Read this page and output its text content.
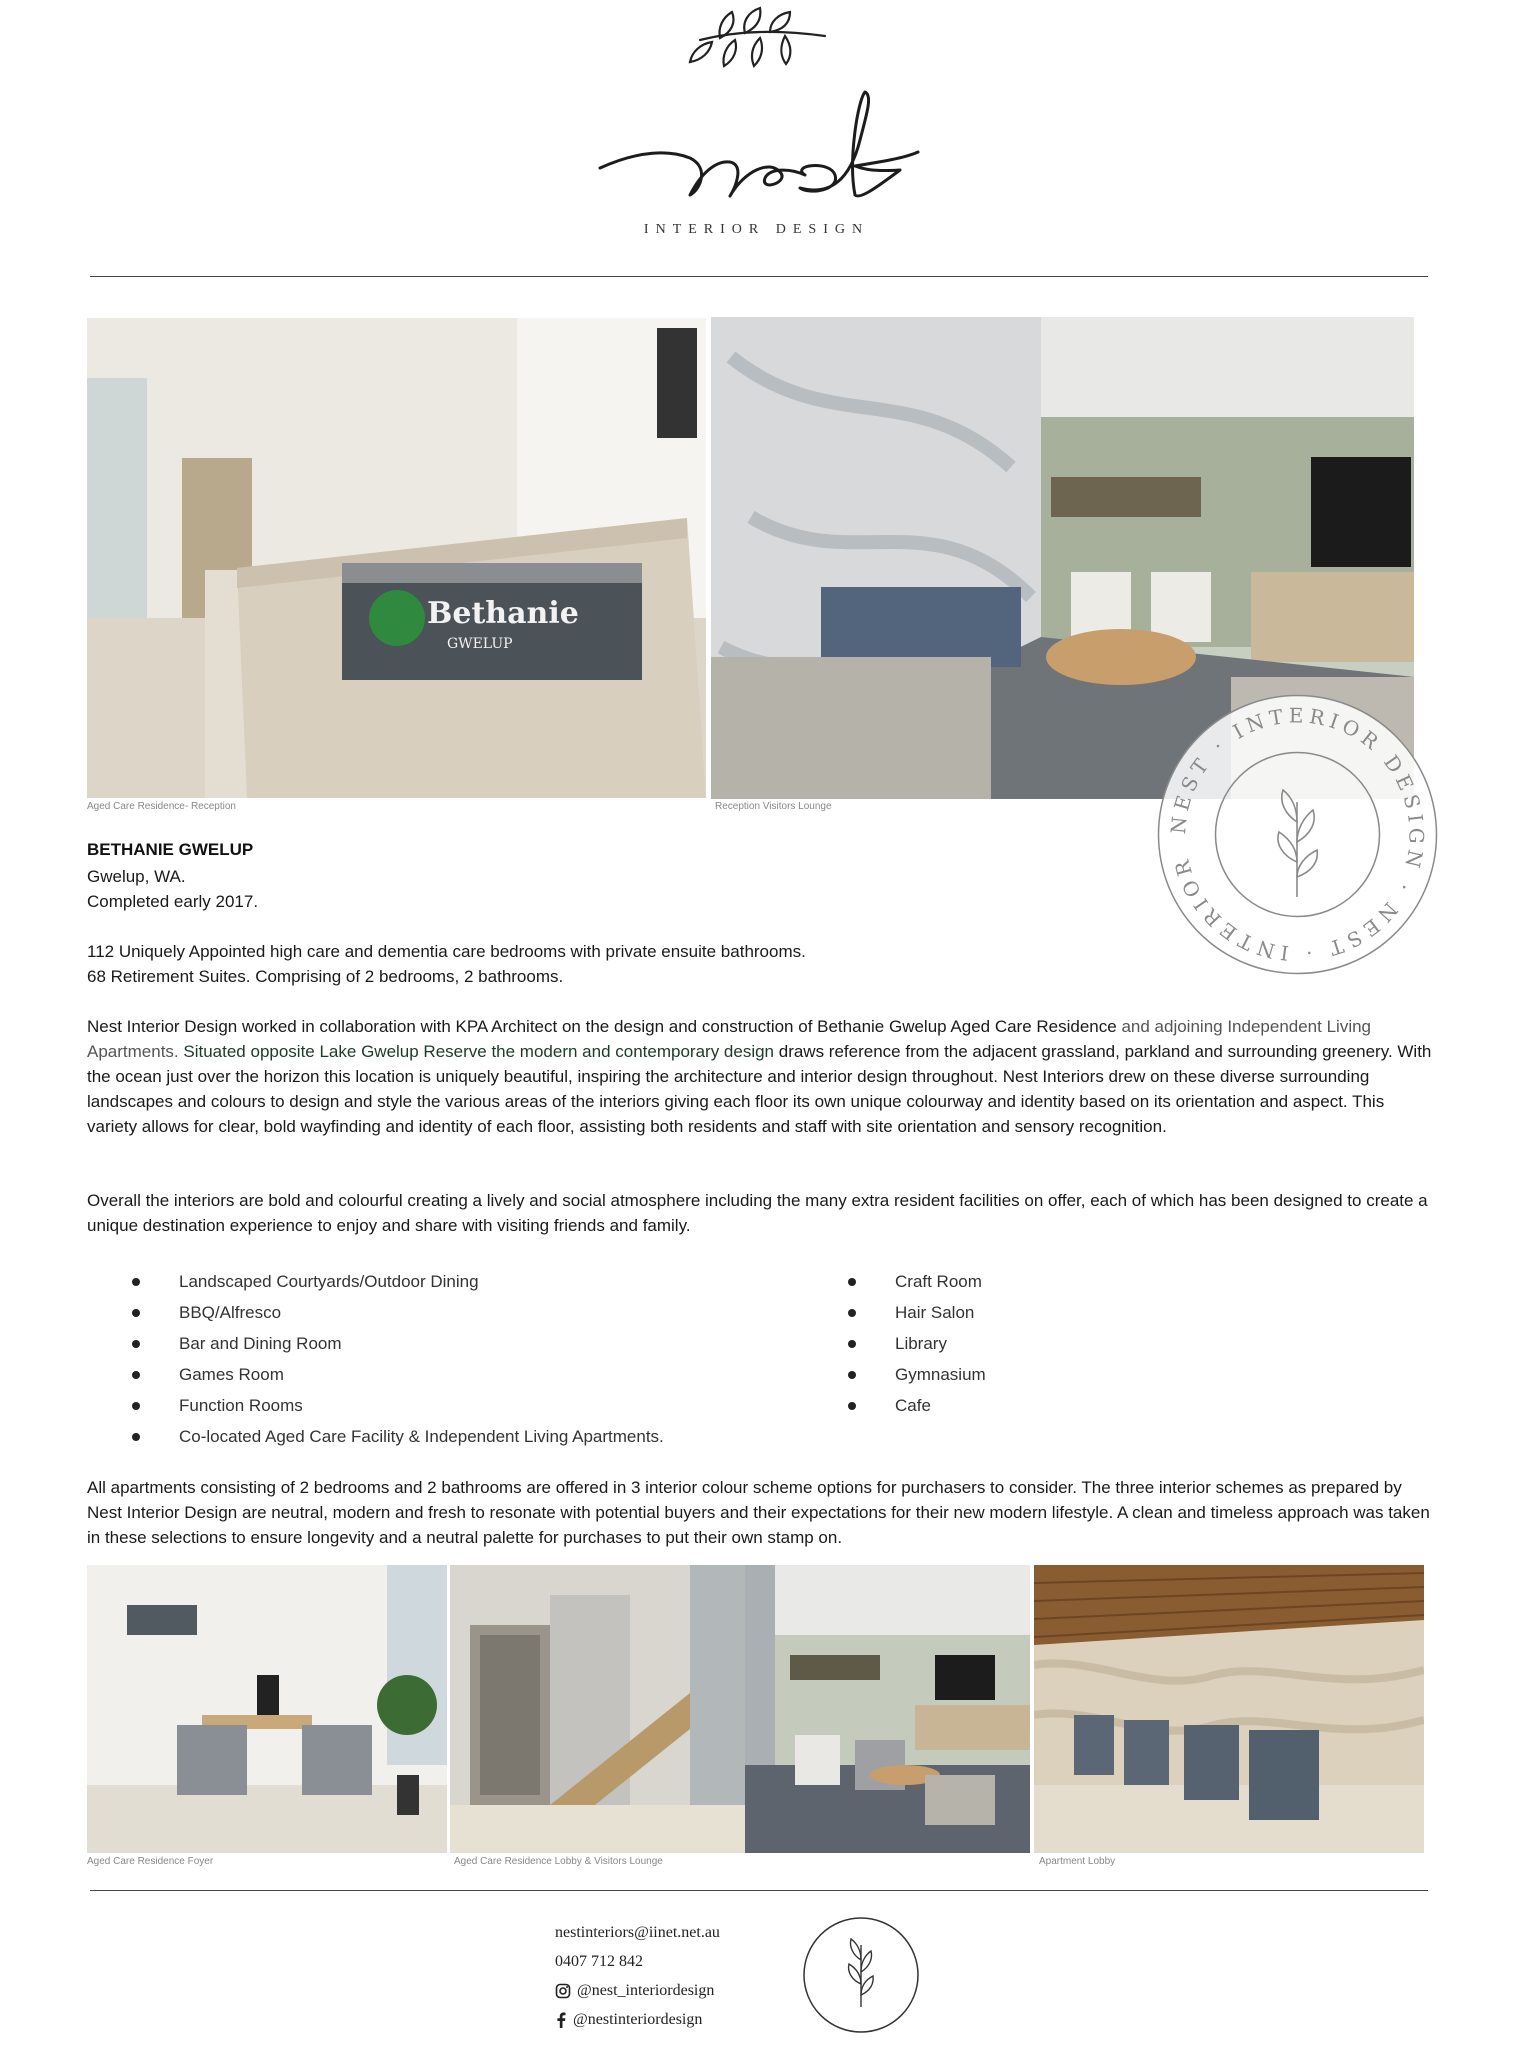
INTERIOR DESIGN
Bethanie
GWELUP
Aged Care Residence- Reception	Reception Visitors Lounge
NEST · INTERIOR DESIGN · NEST · INTERIOR
BETHANIE GWELUP
Gwelup, WA.
Completed early 2017.
112 Uniquely Appointed high care and dementia care bedrooms with private ensuite bathrooms.
68 Retirement Suites. Comprising of 2 bedrooms, 2 bathrooms.
Nest Interior Design worked in collaboration with KPA Architect on the design and construction of Bethanie Gwelup Aged Care Residence and adjoining Independent Living Apartments. Situated opposite Lake Gwelup Reserve the modern and contemporary design draws reference from the adjacent grassland, parkland and surrounding greenery. With the ocean just over the horizon this location is uniquely beautiful, inspiring the architecture and interior design throughout. Nest Interiors drew on these diverse surrounding landscapes and colours to design and style the various areas of the interiors giving each floor its own unique colourway and identity based on its orientation and aspect. This variety allows for clear, bold wayfinding and identity of each floor, assisting both residents and staff with site orientation and sensory recognition.
Overall the interiors are bold and colourful creating a lively and social atmosphere including the many extra resident facilities on offer, each of which has been designed to create a unique destination experience to enjoy and share with visiting friends and family.
Landscaped Courtyards/Outdoor Dining
BBQ/Alfresco
Bar and Dining Room
Games Room
Function Rooms
Co-located Aged Care Facility & Independent Living Apartments.
Craft Room
Hair Salon
Library
Gymnasium
Cafe
All apartments consisting of 2 bedrooms and 2 bathrooms are offered in 3 interior colour scheme options for purchasers to consider. The three interior schemes as prepared by Nest Interior Design are neutral, modern and fresh to resonate with potential buyers and their expectations for their new modern lifestyle. A clean and timeless approach was taken in these selections to ensure longevity and a neutral palette for purchases to put their own stamp on.
Aged Care Residence Foyer	Aged Care Residence Lobby & Visitors Lounge	Apartment Lobby
nestinteriors@iinet.net.au
0407 712 842
@nest_interiordesign
@nestinteriordesign
